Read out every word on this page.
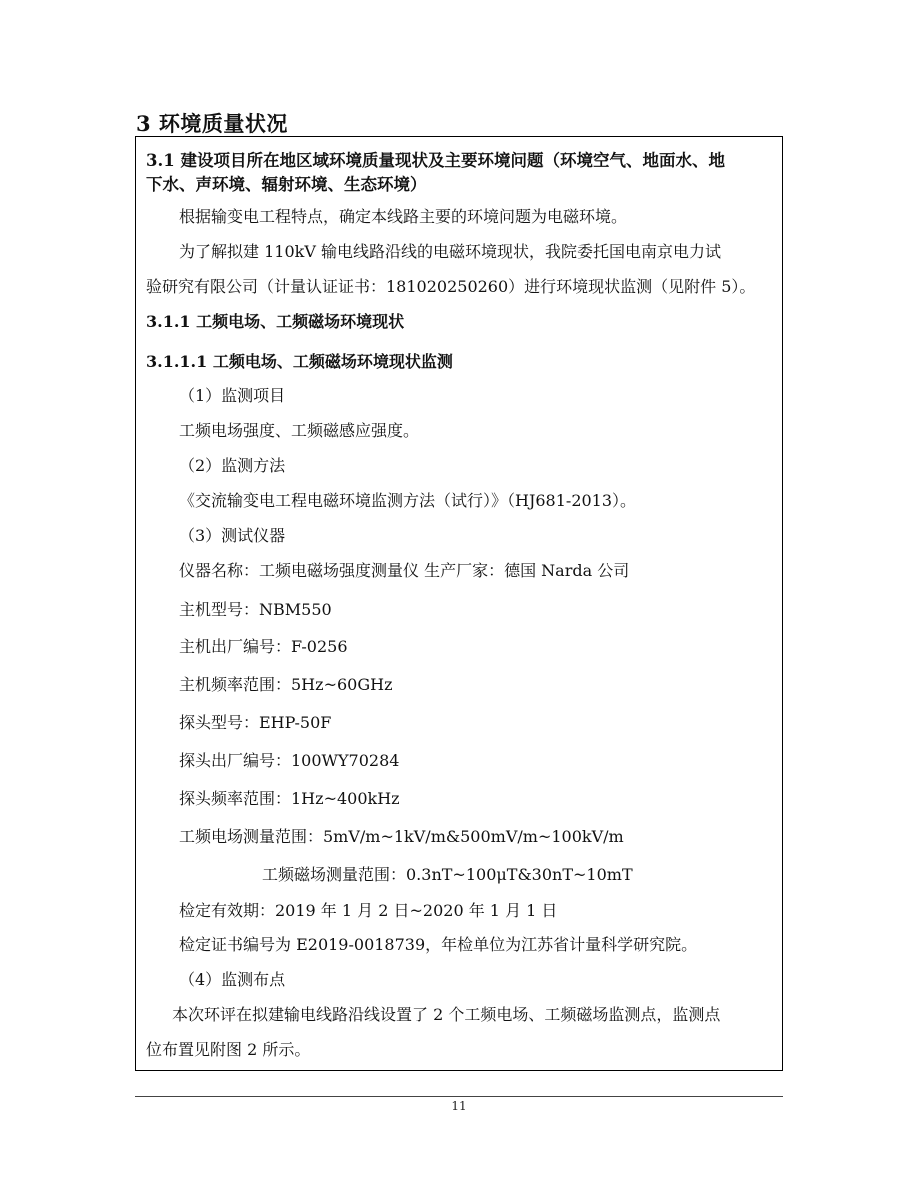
3 环境质量状况
3.1 建设项目所在地区域环境质量现状及主要环境问题（环境空气、地面水、地
下水、声环境、辐射环境、生态环境）
根据输变电工程特点，确定本线路主要的环境问题为电磁环境。
为了解拟建 110kV 输电线路沿线的电磁环境现状，我院委托国电南京电力试
验研究有限公司（计量认证证书：181020250260）进行环境现状监测（见附件 5）。
3.1.1 工频电场、工频磁场环境现状
3.1.1.1 工频电场、工频磁场环境现状监测
（1）监测项目
工频电场强度、工频磁感应强度。
（2）监测方法
《交流输变电工程电磁环境监测方法（试行）》（HJ681-2013）。
（3）测试仪器
仪器名称：工频电磁场强度测量仪 生产厂家：德国 Narda 公司
主机型号：NBM550
主机出厂编号：F-0256
主机频率范围：5Hz~60GHz
探头型号：EHP-50F
探头出厂编号：100WY70284
探头频率范围：1Hz~400kHz
工频电场测量范围：5mV/m~1kV/m&500mV/m~100kV/m
工频磁场测量范围：0.3nT~100μT&30nT~10mT
检定有效期：2019 年 1 月 2 日~2020 年 1 月 1 日
检定证书编号为 E2019-0018739，年检单位为江苏省计量科学研究院。
（4）监测布点
本次环评在拟建输电线路沿线设置了 2 个工频电场、工频磁场监测点，监测点
位布置见附图 2 所示。
11
